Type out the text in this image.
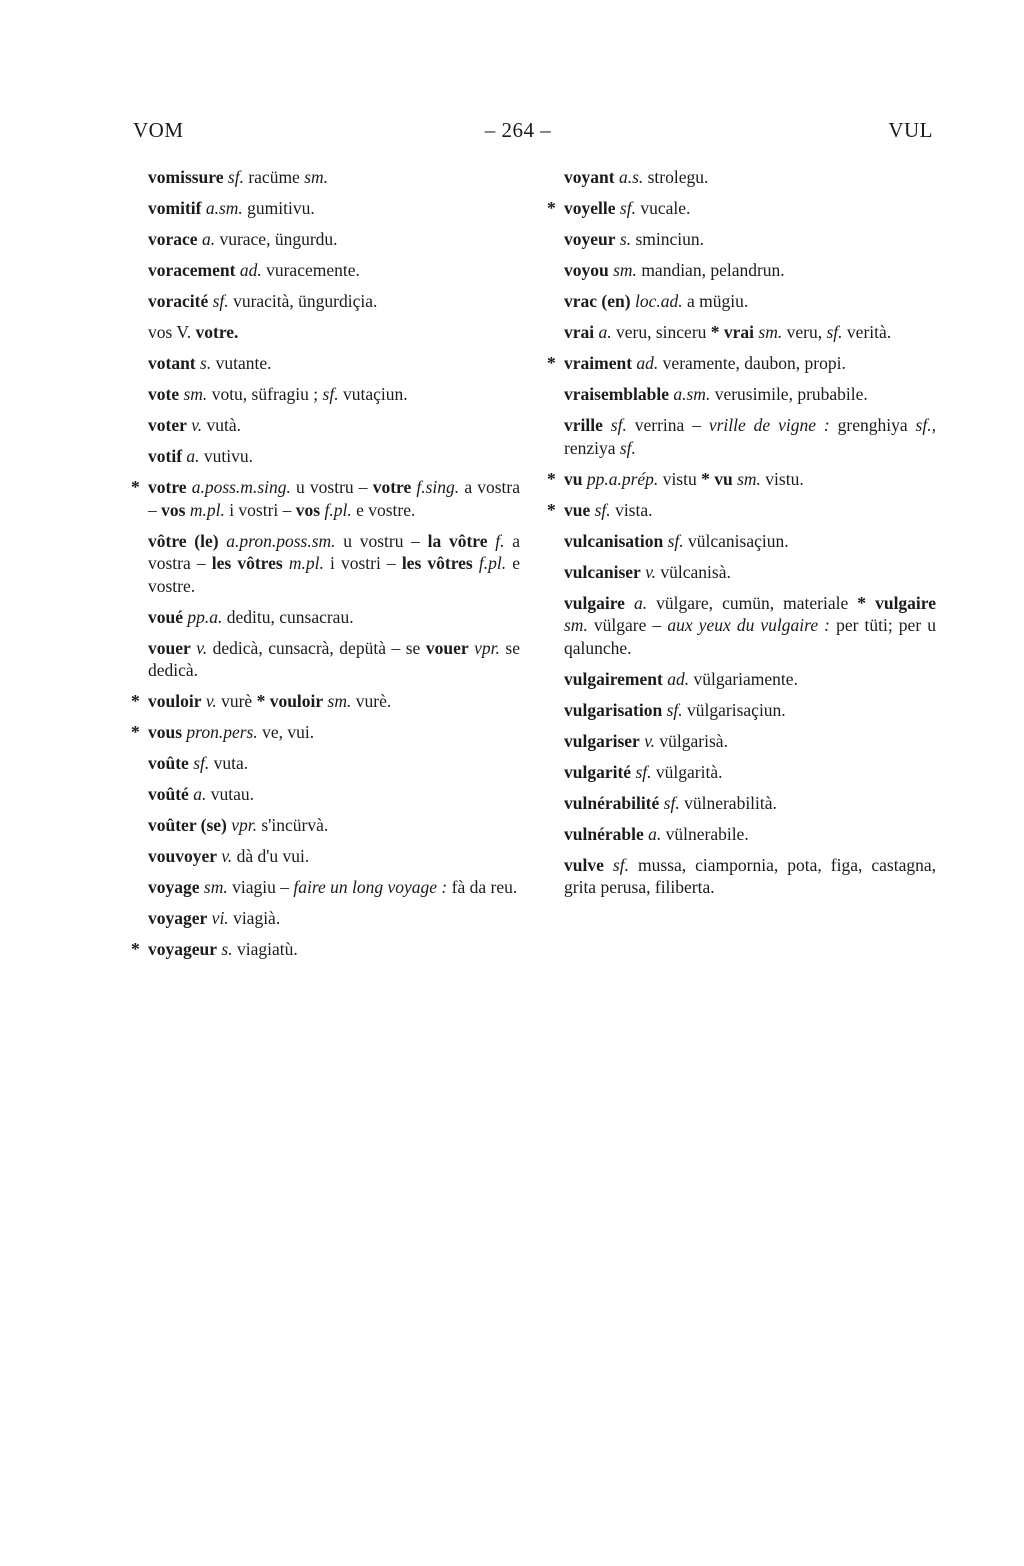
VOM	– 264 –	VUL
vomissure sf. racüme sm.
vomitif a.sm. gumitivu.
vorace a. vurace, üngurdu.
voracement ad. vuracemente.
voracité sf. vuracità, üngurdiçia.
vos V. votre.
votant s. vutante.
vote sm. votu, süfragiu ; sf. vutaçiun.
voter v. vutà.
votif a. vutivu.
* votre a.poss.m.sing. u vostru – votre f.sing. a vostra – vos m.pl. i vostri – vos f.pl. e vostre.
vôtre (le) a.pron.poss.sm. u vostru – la vôtre f. a vostra – les vôtres m.pl. i vostri – les vôtres f.pl. e vostre.
voué pp.a. deditu, cunsacrau.
vouer v. dedicà, cunsacrà, depütà – se vouer vpr. se dedicà.
* vouloir v. vurè * vouloir sm. vurè.
* vous pron.pers. ve, vui.
voûte sf. vuta.
voûté a. vutau.
voûter (se) vpr. s'incürvà.
vouvoyer v. dà d'u vui.
voyage sm. viagiu – faire un long voyage : fà da reu.
voyager vi. viagià.
* voyageur s. viagiatù.
voyant a.s. strolegu.
* voyelle sf. vucale.
voyeur s. sminciun.
voyou sm. mandian, pelandrun.
vrac (en) loc.ad. a mügiu.
vrai a. veru, sinceru * vrai sm. veru, sf. verità.
* vraiment ad. veramente, daubon, propi.
vraisemblable a.sm. verusimile, prubabile.
vrille sf. verrina – vrille de vigne : grenghiya sf., renziya sf.
* vu pp.a.prép. vistu * vu sm. vistu.
* vue sf. vista.
vulcanisation sf. vülcanisaçiun.
vulcaniser v. vülcanisà.
vulgaire a. vülgare, cumün, materiale * vulgaire sm. vülgare – aux yeux du vulgaire : per tüti; per u qalunche.
vulgairement ad. vülgariamente.
vulgarisation sf. vülgarisaçiun.
vulgariser v. vülgarisà.
vulgarité sf. vülgarità.
vulnérabilité sf. vülnerabilità.
vulnérable a. vülnerabile.
vulve sf. mussa, ciampornia, pota, figa, castagna, grita perusa, filiberta.
